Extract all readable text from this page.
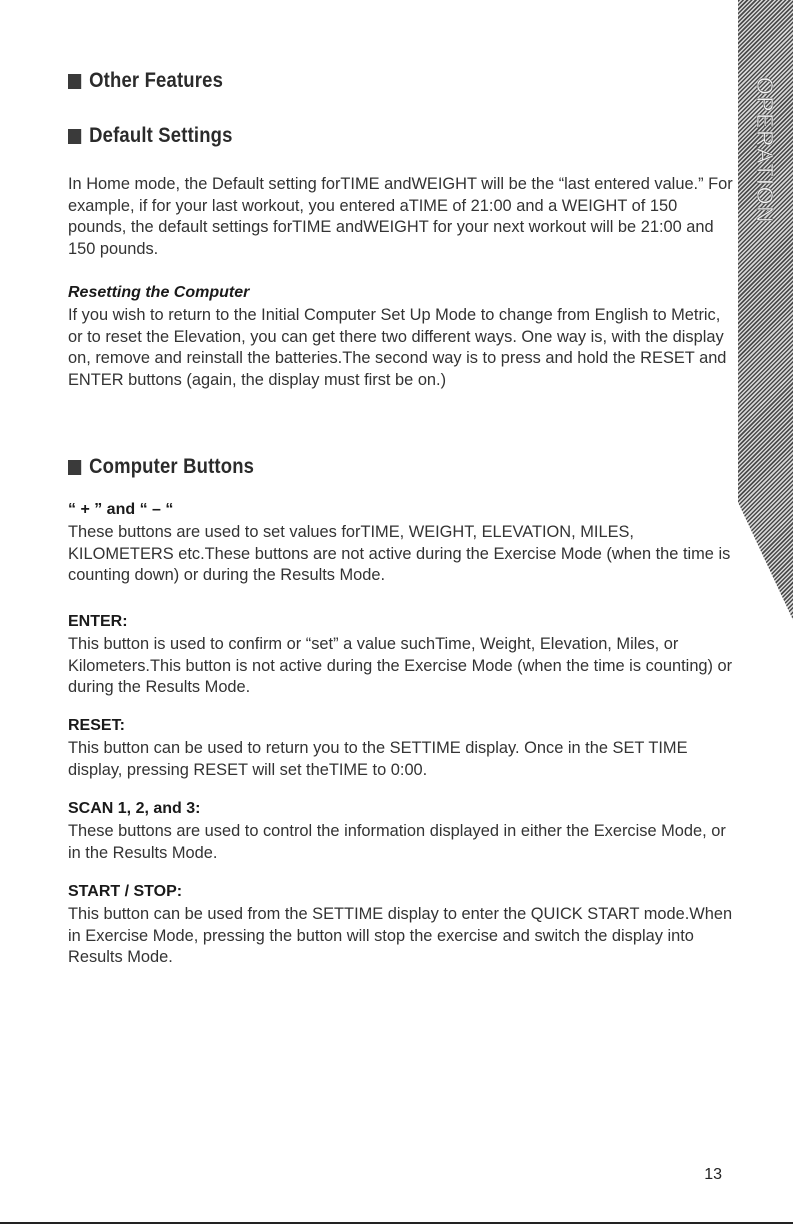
OPERATION
Other Features
Default Settings

In Home mode, the Default setting forTIME andWEIGHT will be the “last entered value.” For example, if for your last workout, you entered aTIME of 21:00 and a WEIGHT of 150 pounds, the default settings forTIME andWEIGHT for your next workout will be 21:00 and 150 pounds.

Resetting the Computer

If you wish to return to the Initial Computer Set Up Mode to change from English to Metric, or to reset the Elevation, you can get there two different ways. One way is, with the display on, remove and reinstall the batteries.The second way is to press and hold the RESET and ENTER buttons (again, the display must first be on.)

Computer Buttons

“ + ” and “ – “

These buttons are used to set values forTIME, WEIGHT, ELEVATION, MILES, KILOMETERS etc.These buttons are not active during the Exercise Mode (when the time is counting down) or during the Results Mode.

ENTER:

This button is used to confirm or “set” a value suchTime, Weight, Elevation, Miles, or Kilometers.This button is not active during the Exercise Mode (when the time is counting) or during the Results Mode.

RESET:

This button can be used to return you to the SETTIME display. Once in the SET TIME display, pressing RESET will set theTIME to 0:00.

SCAN 1, 2, and 3:

These buttons are used to control the information displayed in either the Exercise Mode, or in the Results Mode.

START / STOP:

This button can be used from the SETTIME display to enter the QUICK START mode.When in Exercise Mode, pressing the button will stop the exercise and switch the display into Results Mode.

13
